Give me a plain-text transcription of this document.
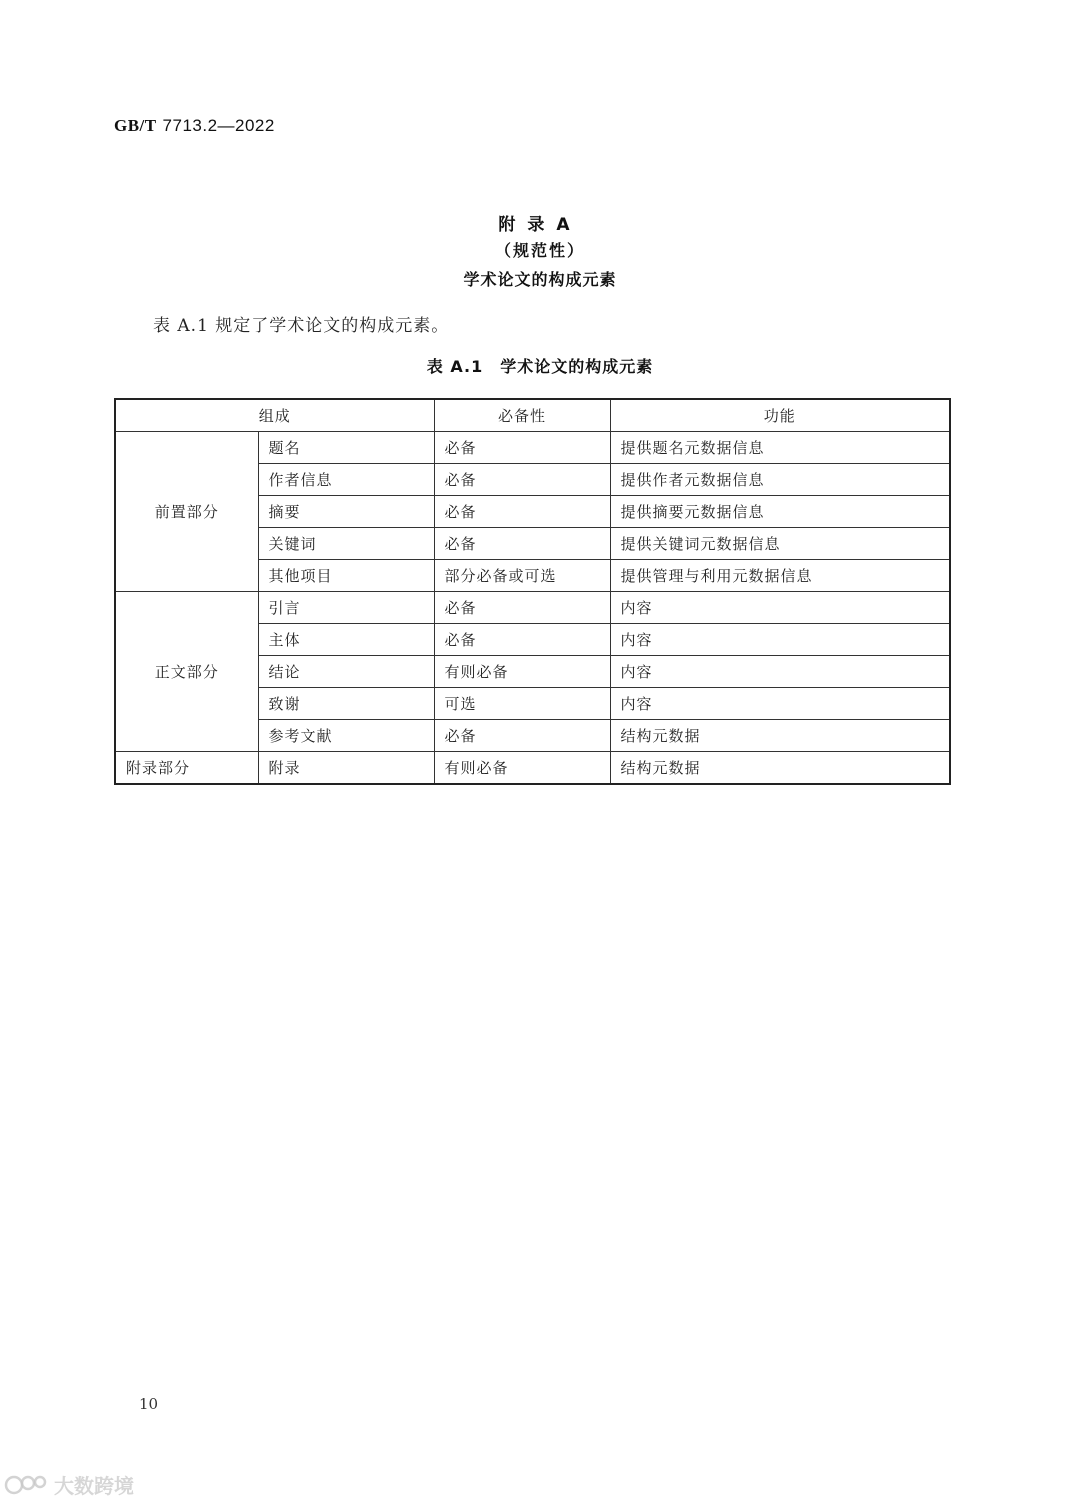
GB/T 7713.2—2022
附录A
（规范性）
学术论文的构成元素
表 A.1 规定了学术论文的构成元素。
表 A.1　学术论文的构成元素
组成		必备性	功能
前置部分	题名	必备	提供题名元数据信息
	作者信息	必备	提供作者元数据信息
	摘要	必备	提供摘要元数据信息
	关键词	必备	提供关键词元数据信息
	其他项目	部分必备或可选	提供管理与利用元数据信息
正文部分	引言	必备	内容
	主体	必备	内容
	结论	有则必备	内容
	致谢	可选	内容
	参考文献	必备	结构元数据
附录部分	附录	有则必备	结构元数据
10
大数跨境
